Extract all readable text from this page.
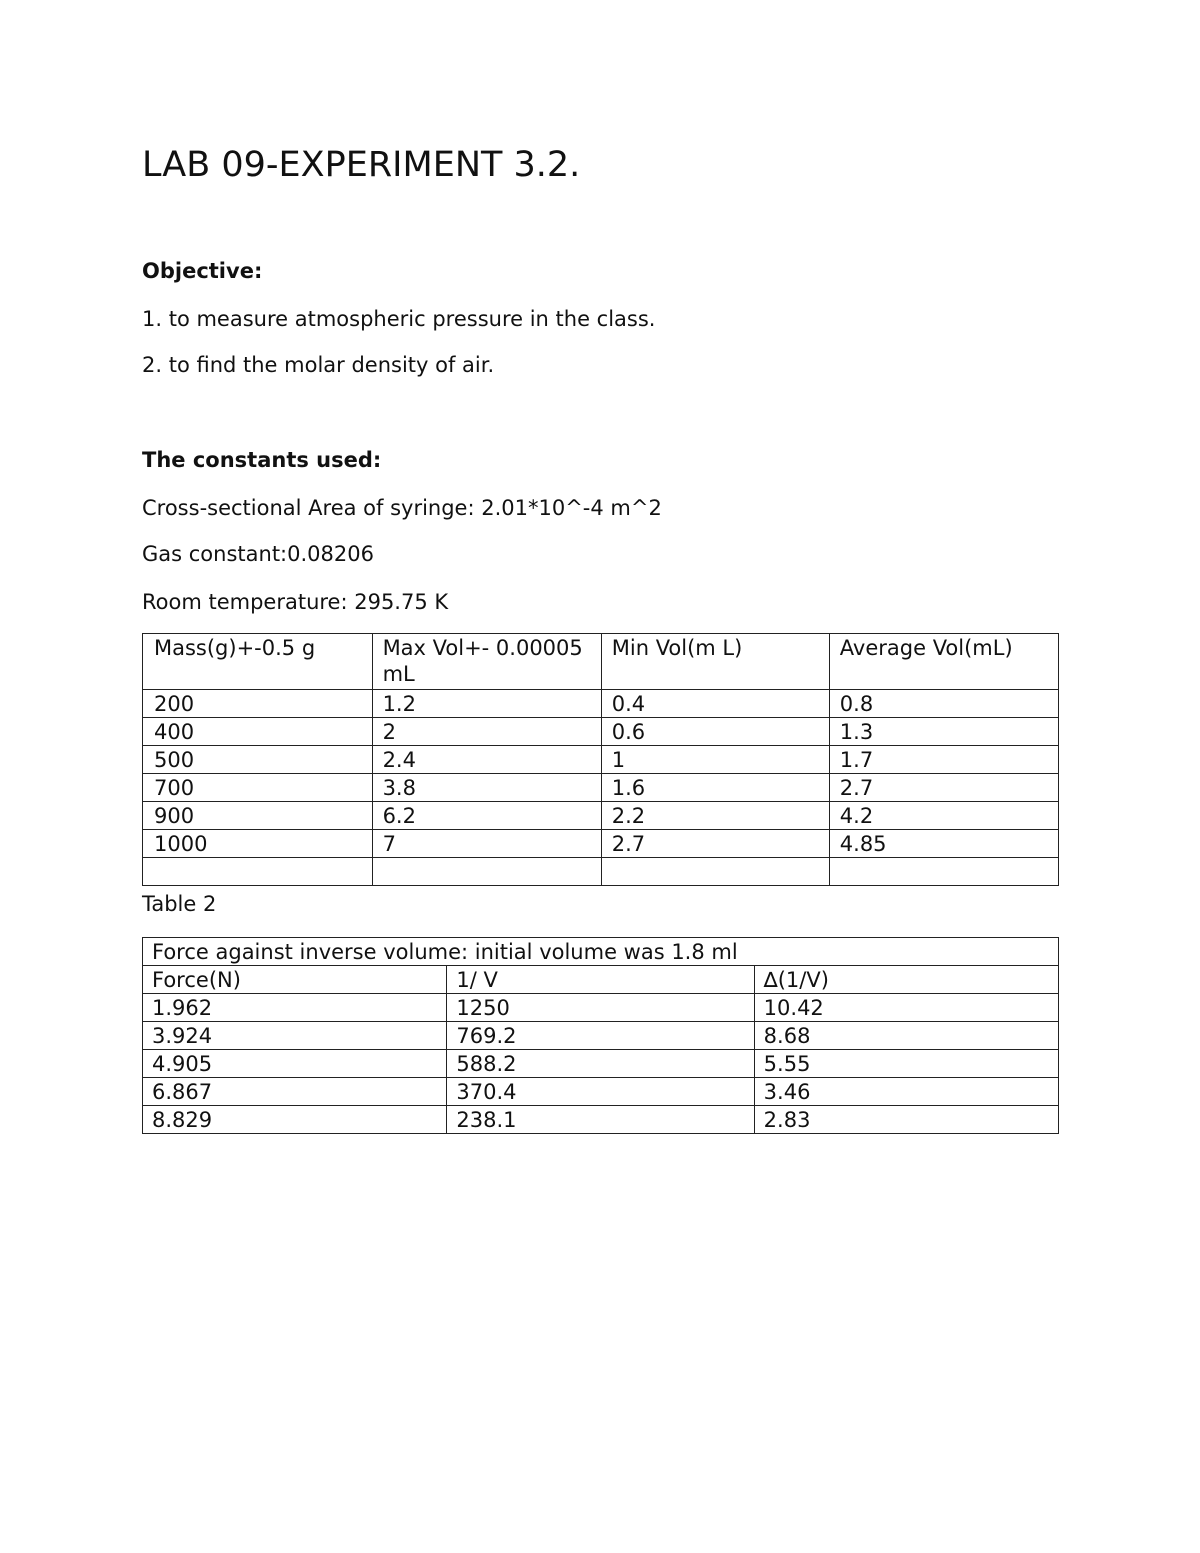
LAB 09-EXPERIMENT 3.2.
Objective:
1. to measure atmospheric pressure in the class.
2. to find the molar density of air.
The constants used:
Cross-sectional Area of syringe: 2.01*10^-4 m^2
Gas constant:0.08206
Room temperature: 295.75 K
Mass(g)+-0.5 g	Max Vol+- 0.00005 mL	Min Vol(m L)	Average Vol(mL)
200	1.2	0.4	0.8
400	2	0.6	1.3
500	2.4	1	1.7
700	3.8	1.6	2.7
900	6.2	2.2	4.2
1000	7	2.7	4.85

Table 2
Force against inverse volume: initial volume was 1.8 ml		
Force(N)	1/ V	∆(1/V)
1.962	1250	10.42
3.924	769.2	8.68
4.905	588.2	5.55
6.867	370.4	3.46
8.829	238.1	2.83
